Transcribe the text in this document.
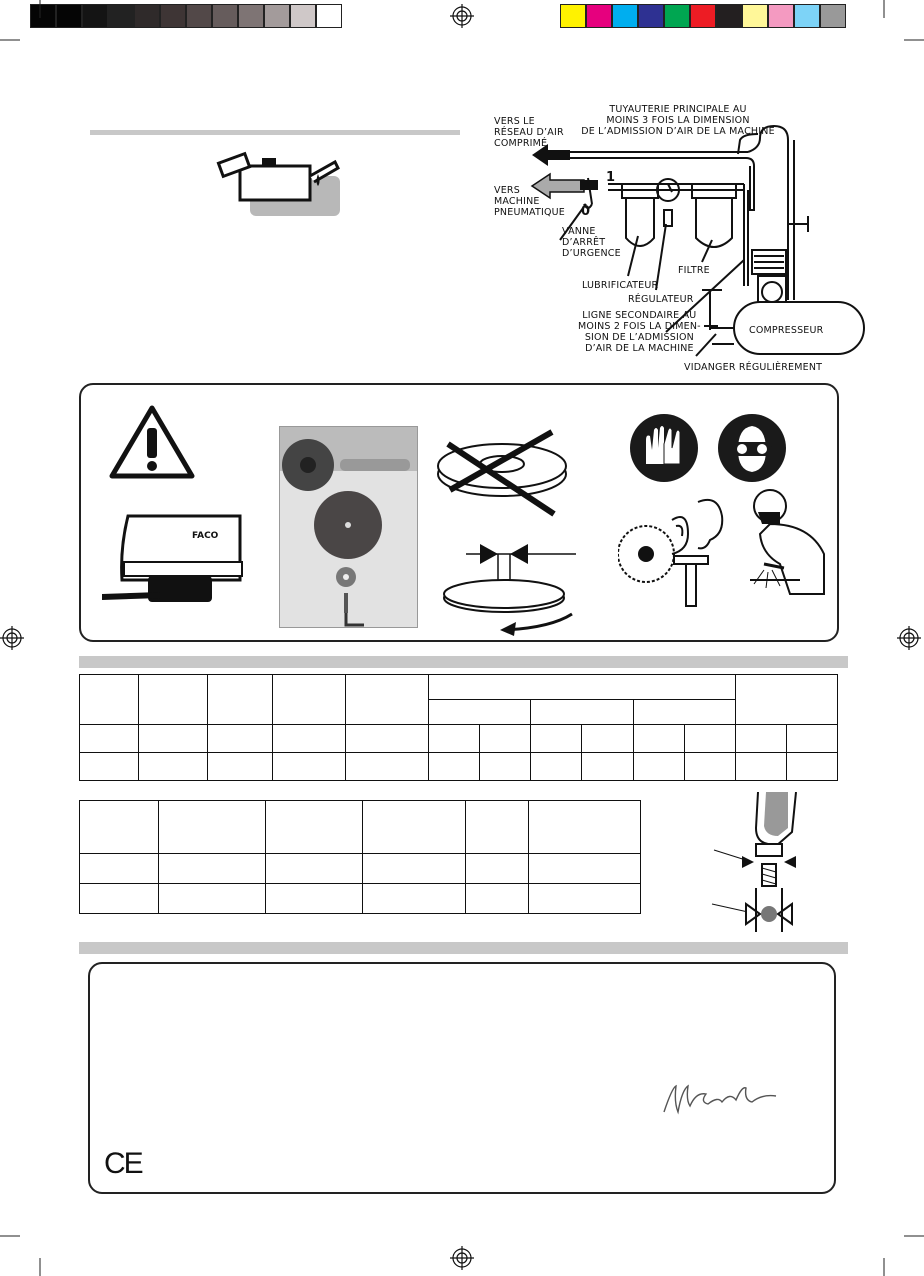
TUYAUTERIE PRINCIPALE AU
MOINS 3 FOIS LA DIMENSION
DE L’ADMISSION D’AIR DE LA MACHINE
VERS LE
RÉSEAU D’AIR
COMPRIMÉ
VERS
MACHINE
PNEUMATIQUE
1
0
VANNE
D’ARRÊT
D’URGENCE
LUBRIFICATEUR
RÉGULATEUR
FILTRE
LIGNE SECONDAIRE AU
MOINS 2 FOIS LA DIMEN-
SION DE L’ADMISSION
D’AIR DE LA MACHINE
COMPRESSEUR
VIDANGER RÉGULIÈREMENT
FACO

CE
